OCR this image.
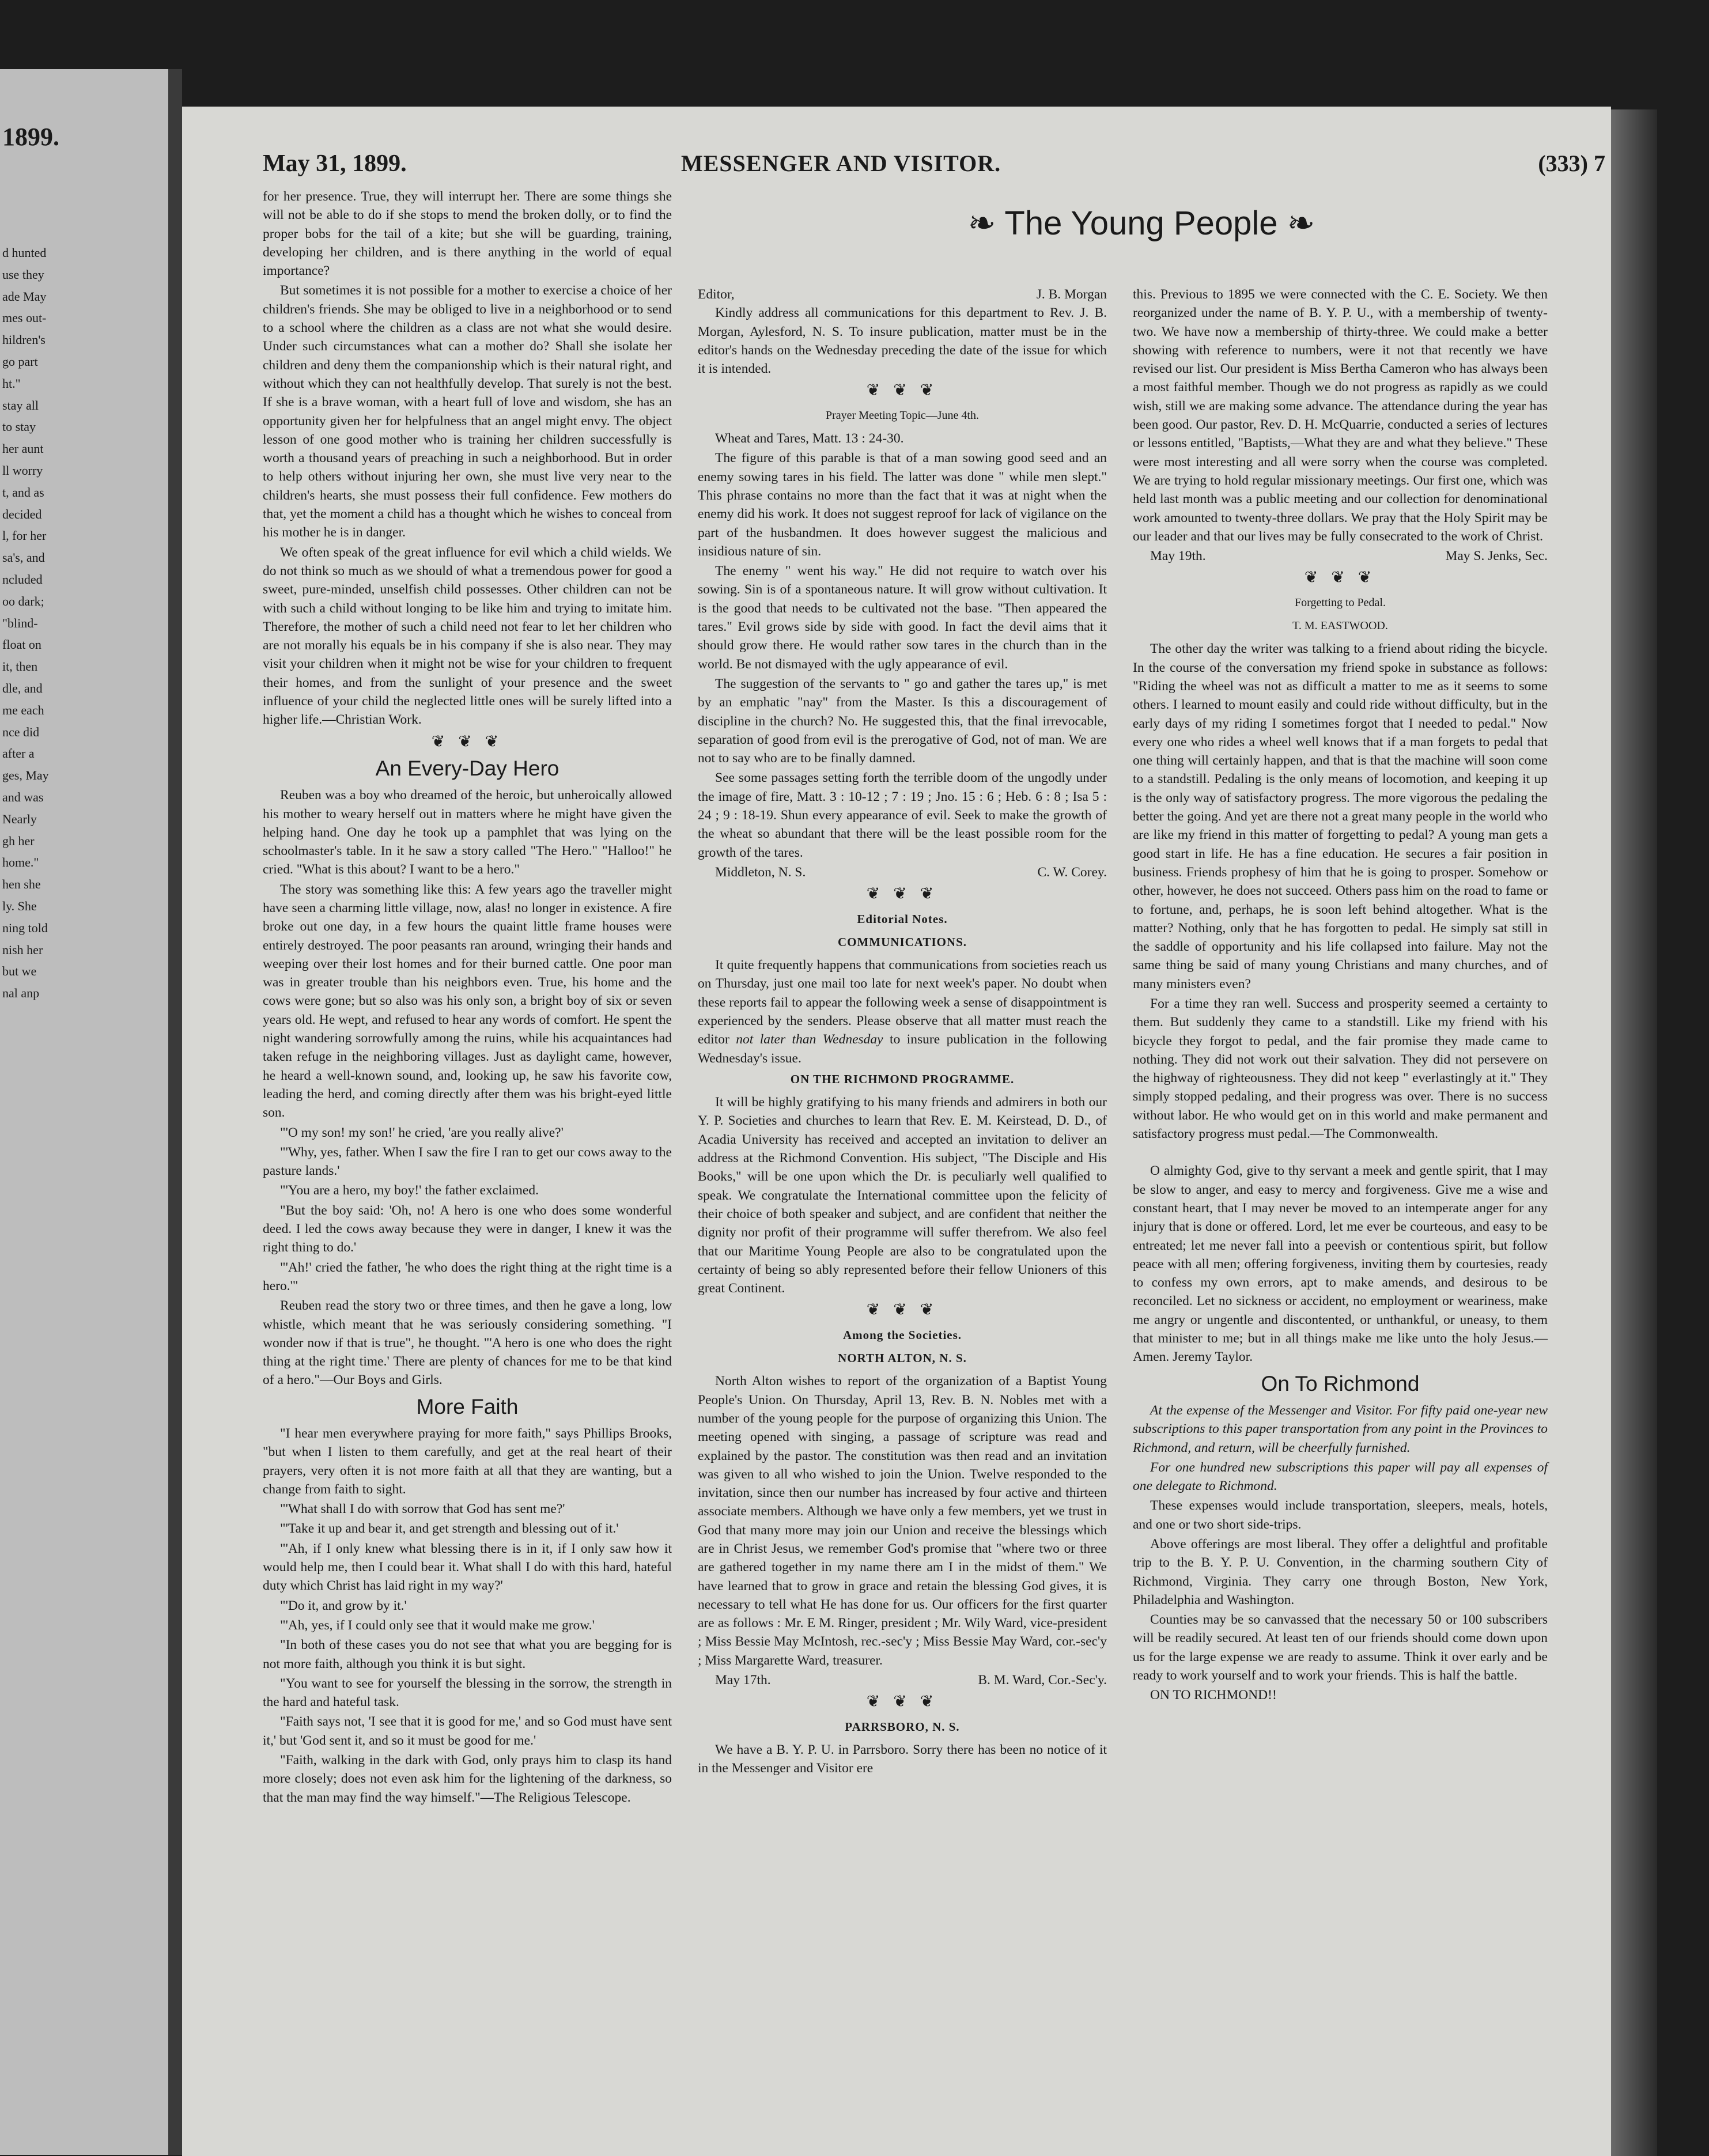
1899.
d hunted
use they
ade May
mes out-
hildren's
go part
ht."
stay all
to stay
her aunt
ll worry
t, and as
decided
l, for her
sa's, and
ncluded
oo dark;
"blind-
float on
it, then
dle, and
me each
nce did
after a
ges, May
and was
Nearly
gh her
home."
hen she
ly. She
ning told
nish her
but we
nal anp
May 31, 1899.	MESSENGER AND VISITOR.	(333) 7
❧ The Young People ❧

for her presence. True, they will interrupt her. There are some things she will not be able to do if she stops to mend the broken dolly, or to find the proper bobs for the tail of a kite; but she will be guarding, training, developing her children, and is there anything in the world of equal importance?

But sometimes it is not possible for a mother to exercise a choice of her children's friends. She may be obliged to live in a neighborhood or to send to a school where the children as a class are not what she would desire. Under such circumstances what can a mother do? Shall she isolate her children and deny them the companionship which is their natural right, and without which they can not healthfully develop. That surely is not the best. If she is a brave woman, with a heart full of love and wisdom, she has an opportunity given her for helpfulness that an angel might envy. The object lesson of one good mother who is training her children successfully is worth a thousand years of preaching in such a neighborhood. But in order to help others without injuring her own, she must live very near to the children's hearts, she must possess their full confidence. Few mothers do that, yet the moment a child has a thought which he wishes to conceal from his mother he is in danger.

We often speak of the great influence for evil which a child wields. We do not think so much as we should of what a tremendous power for good a sweet, pure-minded, unselfish child possesses. Other children can not be with such a child without longing to be like him and trying to imitate him. Therefore, the mother of such a child need not fear to let her children who are not morally his equals be in his company if she is also near. They may visit your children when it might not be wise for your children to frequent their homes, and from the sunlight of your presence and the sweet influence of your child the neglected little ones will be surely lifted into a higher life.—Christian Work.

❦ ❦ ❦
An Every-Day Hero

Reuben was a boy who dreamed of the heroic, but unheroically allowed his mother to weary herself out in matters where he might have given the helping hand. One day he took up a pamphlet that was lying on the schoolmaster's table. In it he saw a story called "The Hero." "Halloo!" he cried. "What is this about? I want to be a hero."

The story was something like this: A few years ago the traveller might have seen a charming little village, now, alas! no longer in existence. A fire broke out one day, in a few hours the quaint little frame houses were entirely destroyed. The poor peasants ran around, wringing their hands and weeping over their lost homes and for their burned cattle. One poor man was in greater trouble than his neighbors even. True, his home and the cows were gone; but so also was his only son, a bright boy of six or seven years old. He wept, and refused to hear any words of comfort. He spent the night wandering sorrowfully among the ruins, while his acquaintances had taken refuge in the neighboring villages. Just as daylight came, however, he heard a well-known sound, and, looking up, he saw his favorite cow, leading the herd, and coming directly after them was his bright-eyed little son.

"'O my son! my son!' he cried, 'are you really alive?'

"'Why, yes, father. When I saw the fire I ran to get our cows away to the pasture lands.'

"'You are a hero, my boy!' the father exclaimed.

"But the boy said: 'Oh, no! A hero is one who does some wonderful deed. I led the cows away because they were in danger, I knew it was the right thing to do.'

"'Ah!' cried the father, 'he who does the right thing at the right time is a hero.'"

Reuben read the story two or three times, and then he gave a long, low whistle, which meant that he was seriously considering something. "I wonder now if that is true", he thought. "'A hero is one who does the right thing at the right time.' There are plenty of chances for me to be that kind of a hero."—Our Boys and Girls.

More Faith

"I hear men everywhere praying for more faith," says Phillips Brooks, "but when I listen to them carefully, and get at the real heart of their prayers, very often it is not more faith at all that they are wanting, but a change from faith to sight.

"'What shall I do with sorrow that God has sent me?'

"'Take it up and bear it, and get strength and blessing out of it.'

"'Ah, if I only knew what blessing there is in it, if I only saw how it would help me, then I could bear it. What shall I do with this hard, hateful duty which Christ has laid right in my way?'

"'Do it, and grow by it.'

"'Ah, yes, if I could only see that it would make me grow.'

"In both of these cases you do not see that what you are begging for is not more faith, although you think it is but sight.

"You want to see for yourself the blessing in the sorrow, the strength in the hard and hateful task.

"Faith says not, 'I see that it is good for me,' and so God must have sent it,' but 'God sent it, and so it must be good for me.'

"Faith, walking in the dark with God, only prays him to clasp its hand more closely; does not even ask him for the lightening of the darkness, so that the man may find the way himself."—The Religious Telescope.

Editor,	J. B. Morgan

Kindly address all communications for this department to Rev. J. B. Morgan, Aylesford, N. S. To insure publication, matter must be in the editor's hands on the Wednesday preceding the date of the issue for which it is intended.

❦ ❦ ❦
Prayer Meeting Topic—June 4th.

Wheat and Tares, Matt. 13 : 24-30.

The figure of this parable is that of a man sowing good seed and an enemy sowing tares in his field. The latter was done " while men slept." This phrase contains no more than the fact that it was at night when the enemy did his work. It does not suggest reproof for lack of vigilance on the part of the husbandmen. It does however suggest the malicious and insidious nature of sin.

The enemy " went his way." He did not require to watch over his sowing. Sin is of a spontaneous nature. It will grow without cultivation. It is the good that needs to be cultivated not the base. "Then appeared the tares." Evil grows side by side with good. In fact the devil aims that it should grow there. He would rather sow tares in the church than in the world. Be not dismayed with the ugly appearance of evil.

The suggestion of the servants to " go and gather the tares up," is met by an emphatic "nay" from the Master. Is this a discouragement of discipline in the church? No. He suggested this, that the final irrevocable, separation of good from evil is the prerogative of God, not of man. We are not to say who are to be finally damned.

See some passages setting forth the terrible doom of the ungodly under the image of fire, Matt. 3 : 10-12 ; 7 : 19 ; Jno. 15 : 6 ; Heb. 6 : 8 ; Isa 5 : 24 ; 9 : 18-19. Shun every appearance of evil. Seek to make the growth of the wheat so abundant that there will be the least possible room for the growth of the tares.

Middleton, N. S.	C. W. Corey.
❦ ❦ ❦
Editorial Notes.
COMMUNICATIONS.

It quite frequently happens that communications from societies reach us on Thursday, just one mail too late for next week's paper. No doubt when these reports fail to appear the following week a sense of disappointment is experienced by the senders. Please observe that all matter must reach the editor not later than Wednesday to insure publication in the following Wednesday's issue.

ON THE RICHMOND PROGRAMME.

It will be highly gratifying to his many friends and admirers in both our Y. P. Societies and churches to learn that Rev. E. M. Keirstead, D. D., of Acadia University has received and accepted an invitation to deliver an address at the Richmond Convention. His subject, "The Disciple and His Books," will be one upon which the Dr. is peculiarly well qualified to speak. We congratulate the International committee upon the felicity of their choice of both speaker and subject, and are confident that neither the dignity nor profit of their programme will suffer therefrom. We also feel that our Maritime Young People are also to be congratulated upon the certainty of being so ably represented before their fellow Unioners of this great Continent.

❦ ❦ ❦
Among the Societies.
NORTH ALTON, N. S.

North Alton wishes to report of the organization of a Baptist Young People's Union. On Thursday, April 13, Rev. B. N. Nobles met with a number of the young people for the purpose of organizing this Union. The meeting opened with singing, a passage of scripture was read and explained by the pastor. The constitution was then read and an invitation was given to all who wished to join the Union. Twelve responded to the invitation, since then our number has increased by four active and thirteen associate members. Although we have only a few members, yet we trust in God that many more may join our Union and receive the blessings which are in Christ Jesus, we remember God's promise that "where two or three are gathered together in my name there am I in the midst of them." We have learned that to grow in grace and retain the blessing God gives, it is necessary to tell what He has done for us. Our officers for the first quarter are as follows : Mr. E M. Ringer, president ; Mr. Wily Ward, vice-president ; Miss Bessie May McIntosh, rec.-sec'y ; Miss Bessie May Ward, cor.-sec'y ; Miss Margarette Ward, treasurer.

May 17th.	B. M. Ward, Cor.-Sec'y.
❦ ❦ ❦
PARRSBORO, N. S.

We have a B. Y. P. U. in Parrsboro. Sorry there has been no notice of it in the Messenger and Visitor ere

this. Previous to 1895 we were connected with the C. E. Society. We then reorganized under the name of B. Y. P. U., with a membership of twenty-two. We have now a membership of thirty-three. We could make a better showing with reference to numbers, were it not that recently we have revised our list. Our president is Miss Bertha Cameron who has always been a most faithful member. Though we do not progress as rapidly as we could wish, still we are making some advance. The attendance during the year has been good. Our pastor, Rev. D. H. McQuarrie, conducted a series of lectures or lessons entitled, "Baptists,—What they are and what they believe." These were most interesting and all were sorry when the course was completed. We are trying to hold regular missionary meetings. Our first one, which was held last month was a public meeting and our collection for denominational work amounted to twenty-three dollars. We pray that the Holy Spirit may be our leader and that our lives may be fully consecrated to the work of Christ.

May 19th.	May S. Jenks, Sec.
❦ ❦ ❦
Forgetting to Pedal.
T. M. EASTWOOD.

The other day the writer was talking to a friend about riding the bicycle. In the course of the conversation my friend spoke in substance as follows: "Riding the wheel was not as difficult a matter to me as it seems to some others. I learned to mount easily and could ride without difficulty, but in the early days of my riding I sometimes forgot that I needed to pedal." Now every one who rides a wheel well knows that if a man forgets to pedal that one thing will certainly happen, and that is that the machine will soon come to a standstill. Pedaling is the only means of locomotion, and keeping it up is the only way of satisfactory progress. The more vigorous the pedaling the better the going. And yet are there not a great many people in the world who are like my friend in this matter of forgetting to pedal? A young man gets a good start in life. He has a fine education. He secures a fair position in business. Friends prophesy of him that he is going to prosper. Somehow or other, however, he does not succeed. Others pass him on the road to fame or to fortune, and, perhaps, he is soon left behind altogether. What is the matter? Nothing, only that he has forgotten to pedal. He simply sat still in the saddle of opportunity and his life collapsed into failure. May not the same thing be said of many young Christians and many churches, and of many ministers even?

For a time they ran well. Success and prosperity seemed a certainty to them. But suddenly they came to a standstill. Like my friend with his bicycle they forgot to pedal, and the fair promise they made came to nothing. They did not work out their salvation. They did not persevere on the highway of righteousness. They did not keep " everlastingly at it." They simply stopped pedaling, and their progress was over. There is no success without labor. He who would get on in this world and make permanent and satisfactory progress must pedal.—The Commonwealth.

O almighty God, give to thy servant a meek and gentle spirit, that I may be slow to anger, and easy to mercy and forgiveness. Give me a wise and constant heart, that I may never be moved to an intemperate anger for any injury that is done or offered. Lord, let me ever be courteous, and easy to be entreated; let me never fall into a peevish or contentious spirit, but follow peace with all men; offering forgiveness, inviting them by courtesies, ready to confess my own errors, apt to make amends, and desirous to be reconciled. Let no sickness or accident, no employment or weariness, make me angry or ungentle and discontented, or unthankful, or uneasy, to them that minister to me; but in all things make me like unto the holy Jesus.—Amen. Jeremy Taylor.

On To Richmond

At the expense of the Messenger and Visitor. For fifty paid one-year new subscriptions to this paper transportation from any point in the Provinces to Richmond, and return, will be cheerfully furnished.

For one hundred new subscriptions this paper will pay all expenses of one delegate to Richmond.

These expenses would include transportation, sleepers, meals, hotels, and one or two short side-trips.

Above offerings are most liberal. They offer a delightful and profitable trip to the B. Y. P. U. Convention, in the charming southern City of Richmond, Virginia. They carry one through Boston, New York, Philadelphia and Washington.

Counties may be so canvassed that the necessary 50 or 100 subscribers will be readily secured. At least ten of our friends should come down upon us for the large expense we are ready to assume. Think it over early and be ready to work yourself and to work your friends. This is half the battle.

ON TO RICHMOND!!
